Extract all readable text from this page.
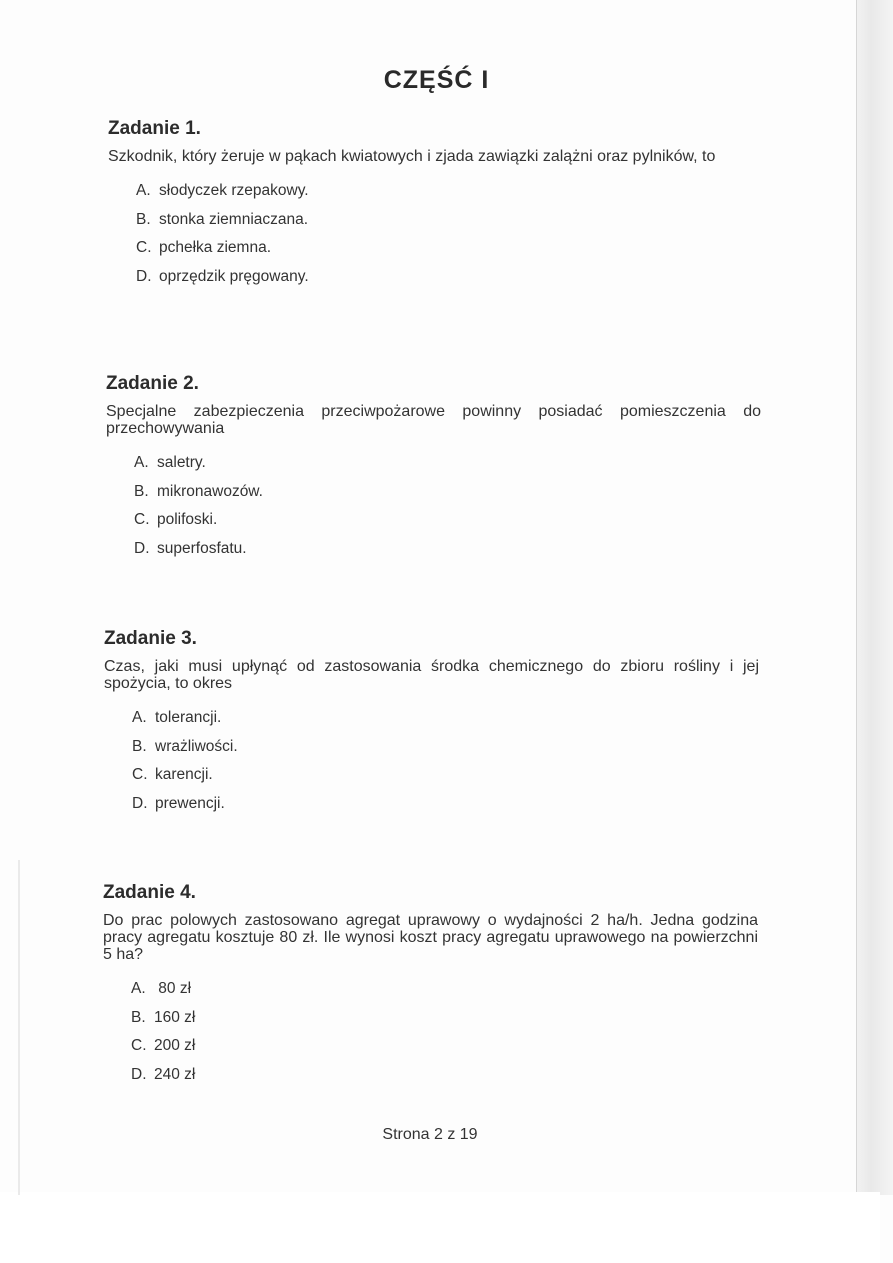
CZĘŚĆ I
Zadanie 1.
Szkodnik, który żeruje w pąkach kwiatowych i zjada zawiązki zalążni oraz pylników, to
A. słodyczek rzepakowy.
B. stonka ziemniaczana.
C. pchełka ziemna.
D. oprzędzik pręgowany.
Zadanie 2.
Specjalne zabezpieczenia przeciwpożarowe powinny posiadać pomieszczenia do przechowywania
A. saletry.
B. mikronawozów.
C. polifoski.
D. superfosfatu.
Zadanie 3.
Czas, jaki musi upłynąć od zastosowania środka chemicznego do zbioru rośliny i jej spożycia, to okres
A. tolerancji.
B. wrażliwości.
C. karencji.
D. prewencji.
Zadanie 4.
Do prac polowych zastosowano agregat uprawowy o wydajności 2 ha/h. Jedna godzina pracy agregatu kosztuje 80 zł. Ile wynosi koszt pracy agregatu uprawowego na powierzchni 5 ha?
A. 80 zł
B. 160 zł
C. 200 zł
D. 240 zł
Strona 2 z 19
